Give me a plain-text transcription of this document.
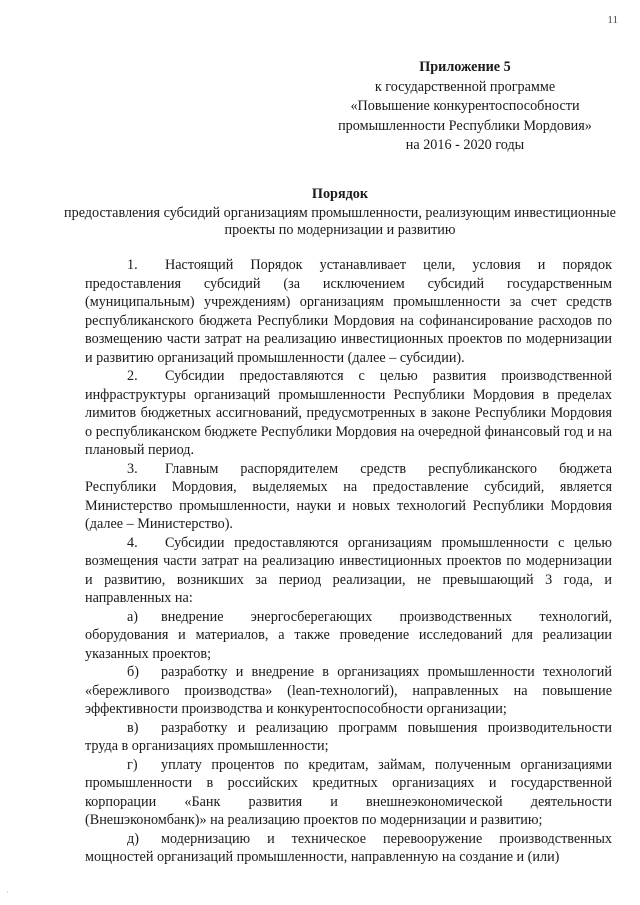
11
Приложение 5
к государственной программе
«Повышение конкурентоспособности
промышленности Республики Мордовия»
на 2016 - 2020 годы
Порядок
предоставления субсидий организациям промышленности, реализующим инвестиционные проекты по модернизации и развитию

1. Настоящий Порядок устанавливает цели, условия и порядок предоставления субсидий (за исключением субсидий государственным (муниципальным) учреждениям) организациям промышленности за счет средств республиканского бюджета Республики Мордовия на софинансирование расходов по возмещению части затрат на реализацию инвестиционных проектов по модернизации и развитию организаций промышленности (далее – субсидии).

2. Субсидии предоставляются с целью развития производственной инфраструктуры организаций промышленности Республики Мордовия в пределах лимитов бюджетных ассигнований, предусмотренных в законе Республики Мордовия о республиканском бюджете Республики Мордовия на очередной финансовый год и на плановый период.

3. Главным распорядителем средств республиканского бюджета Республики Мордовия, выделяемых на предоставление субсидий, является Министерство промышленности, науки и новых технологий Республики Мордовия (далее – Министерство).

4. Субсидии предоставляются организациям промышленности с целью возмещения части затрат на реализацию инвестиционных проектов по модернизации и развитию, возникших за период реализации, не превышающий 3 года, и направленных на:

а) внедрение энергосберегающих производственных технологий, оборудования и материалов, а также проведение исследований для реализации указанных проектов;

б) разработку и внедрение в организациях промышленности технологий «бережливого производства» (lean-технологий), направленных на повышение эффективности производства и конкурентоспособности организации;

в) разработку и реализацию программ повышения производительности труда в организациях промышленности;

г) уплату процентов по кредитам, займам, полученным организациями промышленности в российских кредитных организациях и государственной корпорации «Банк развития и внешнеэкономической деятельности (Внешэкономбанк)» на реализацию проектов по модернизации и развитию;

д) модернизацию и техническое перевооружение производственных мощностей организаций промышленности, направленную на создание и (или)

·
